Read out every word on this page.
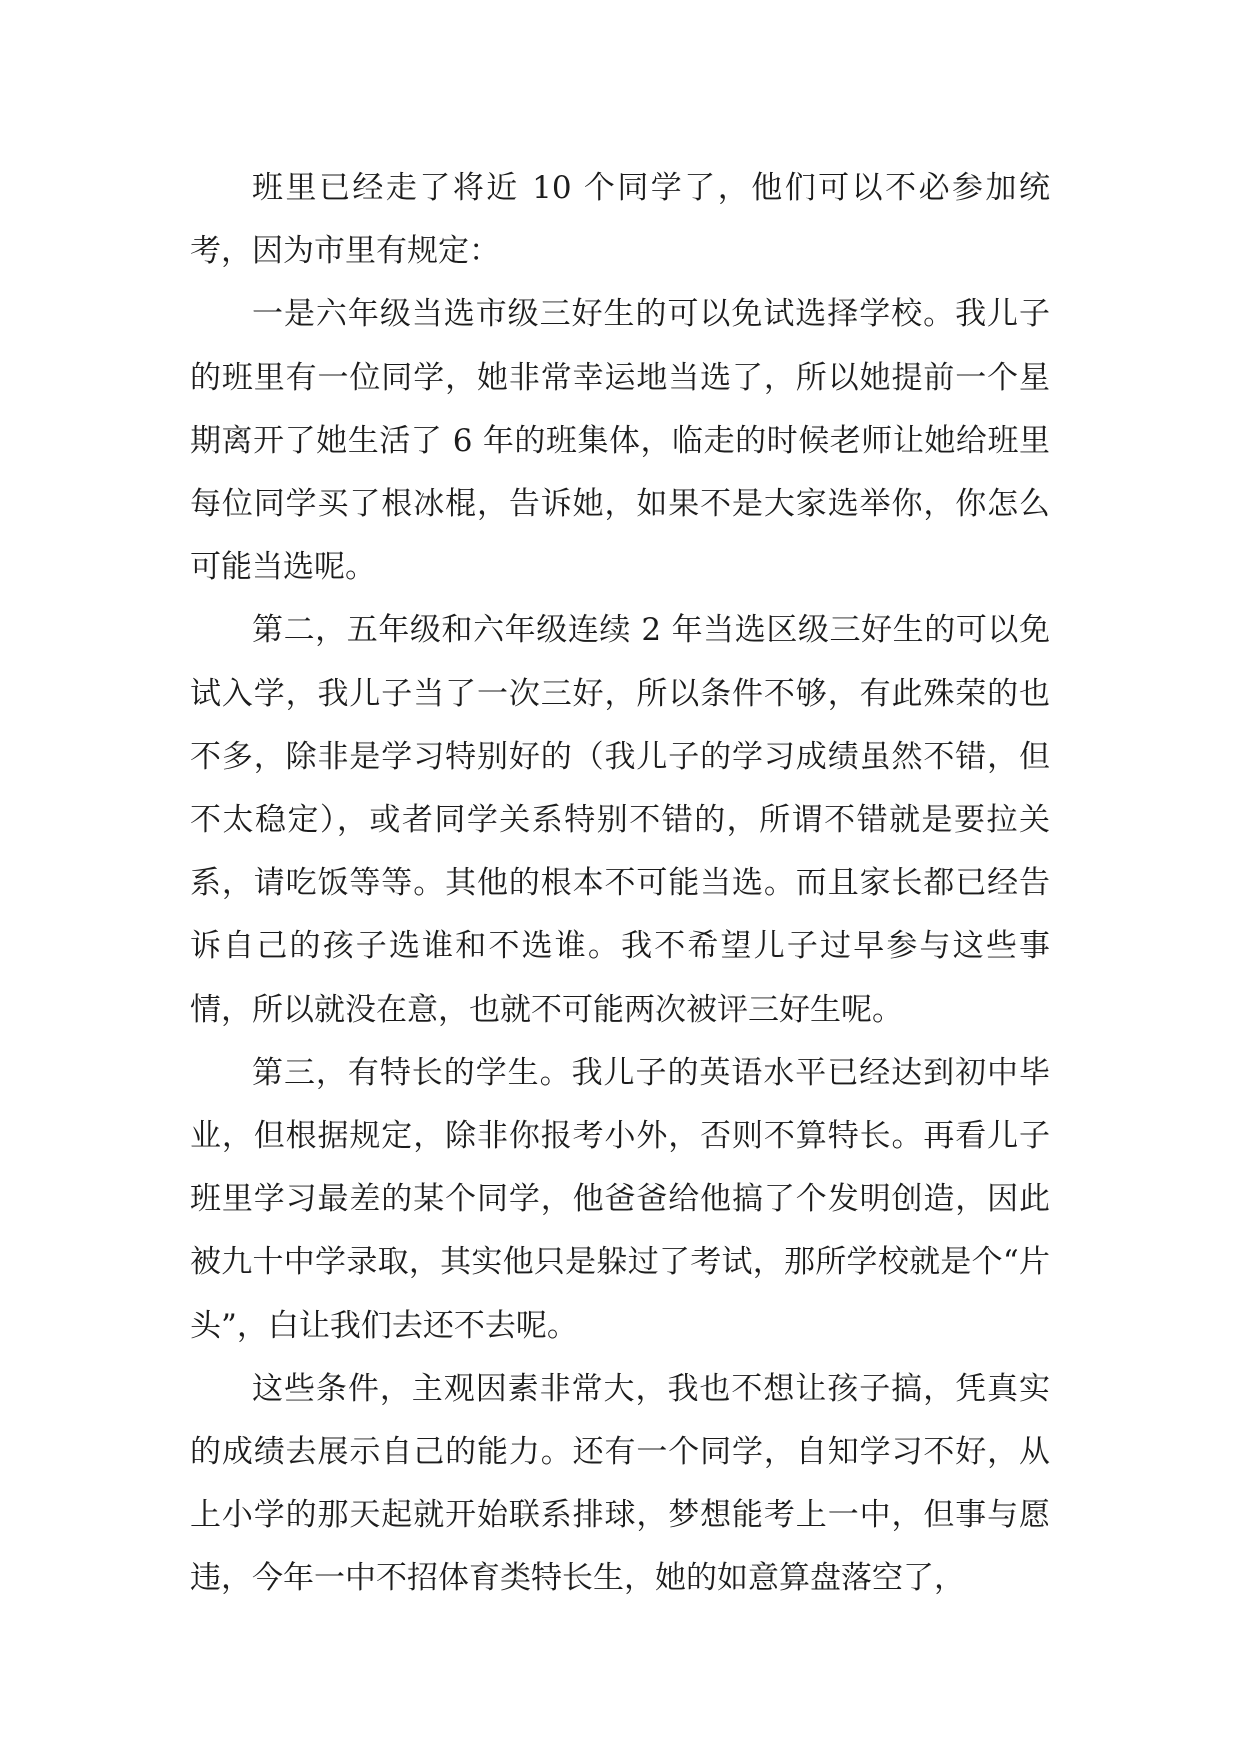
班里已经走了将近 10 个同学了，他们可以不必参加统考，因为市里有规定：

一是六年级当选市级三好生的可以免试选择学校。我儿子的班里有一位同学，她非常幸运地当选了，所以她提前一个星期离开了她生活了 6 年的班集体，临走的时候老师让她给班里每位同学买了根冰棍，告诉她，如果不是大家选举你，你怎么可能当选呢。

第二，五年级和六年级连续 2 年当选区级三好生的可以免试入学，我儿子当了一次三好，所以条件不够，有此殊荣的也不多，除非是学习特别好的（我儿子的学习成绩虽然不错，但不太稳定），或者同学关系特别不错的，所谓不错就是要拉关系，请吃饭等等。其他的根本不可能当选。而且家长都已经告诉自己的孩子选谁和不选谁。我不希望儿子过早参与这些事情，所以就没在意，也就不可能两次被评三好生呢。

第三，有特长的学生。我儿子的英语水平已经达到初中毕业，但根据规定，除非你报考小外，否则不算特长。再看儿子班里学习最差的某个同学，他爸爸给他搞了个发明创造，因此被九十中学录取，其实他只是躲过了考试，那所学校就是个“片头”，白让我们去还不去呢。

这些条件，主观因素非常大，我也不想让孩子搞，凭真实的成绩去展示自己的能力。还有一个同学，自知学习不好，从上小学的那天起就开始联系排球，梦想能考上一中，但事与愿违，今年一中不招体育类特长生，她的如意算盘落空了，
